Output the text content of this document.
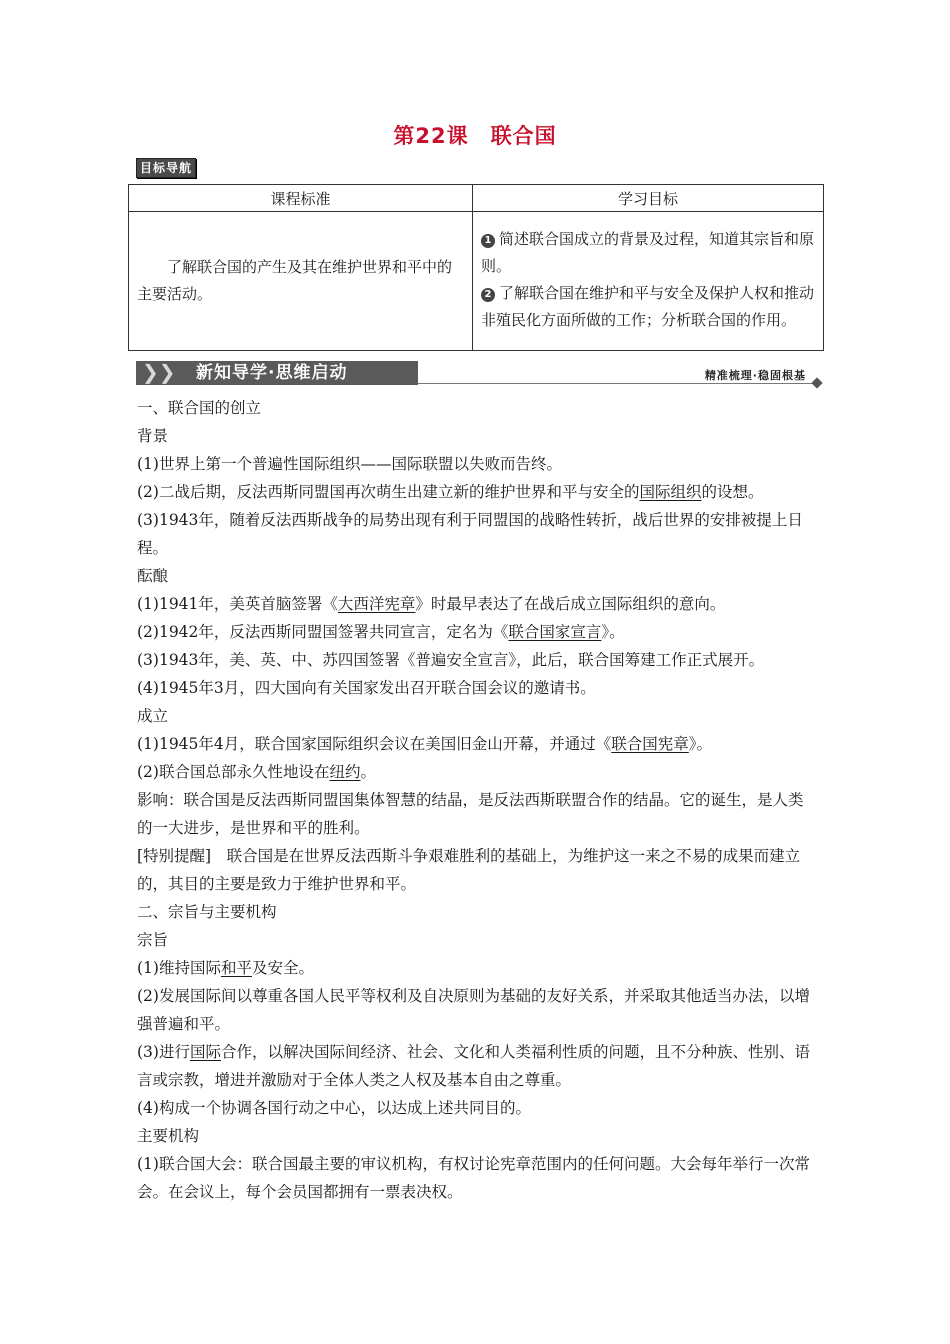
第22课　联合国
目标导航
课程标准	学习目标
了解联合国的产生及其在维护世界和平中的主要活动。	1 简述联合国成立的背景及过程，知道其宗旨和原则。
2 了解联合国在维护和平与安全及保护人权和推动非殖民化方面所做的工作；分析联合国的作用。
❯❯ 新知导学·思维启动	精准梳理·稳固根基

一、联合国的创立

背景

(1)世界上第一个普遍性国际组织——国际联盟以失败而告终。

(2)二战后期，反法西斯同盟国再次萌生出建立新的维护世界和平与安全的国际组织的设想。

(3)1943年，随着反法西斯战争的局势出现有利于同盟国的战略性转折，战后世界的安排被提上日程。

酝酿

(1)1941年，美英首脑签署《大西洋宪章》时最早表达了在战后成立国际组织的意向。

(2)1942年，反法西斯同盟国签署共同宣言，定名为《联合国家宣言》。

(3)1943年，美、英、中、苏四国签署《普遍安全宣言》，此后，联合国筹建工作正式展开。

(4)1945年3月，四大国向有关国家发出召开联合国会议的邀请书。

成立

(1)1945年4月，联合国家国际组织会议在美国旧金山开幕，并通过《联合国宪章》。

(2)联合国总部永久性地设在纽约。

影响：联合国是反法西斯同盟国集体智慧的结晶，是反法西斯联盟合作的结晶。它的诞生，是人类的一大进步，是世界和平的胜利。

[特别提醒]　联合国是在世界反法西斯斗争艰难胜利的基础上，为维护这一来之不易的成果而建立的，其目的主要是致力于维护世界和平。

二、宗旨与主要机构

宗旨

(1)维持国际和平及安全。

(2)发展国际间以尊重各国人民平等权利及自决原则为基础的友好关系，并采取其他适当办法，以增强普遍和平。

(3)进行国际合作，以解决国际间经济、社会、文化和人类福利性质的问题，且不分种族、性别、语言或宗教，增进并激励对于全体人类之人权及基本自由之尊重。

(4)构成一个协调各国行动之中心，以达成上述共同目的。

主要机构

(1)联合国大会：联合国最主要的审议机构，有权讨论宪章范围内的任何问题。大会每年举行一次常会。在会议上，每个会员国都拥有一票表决权。
